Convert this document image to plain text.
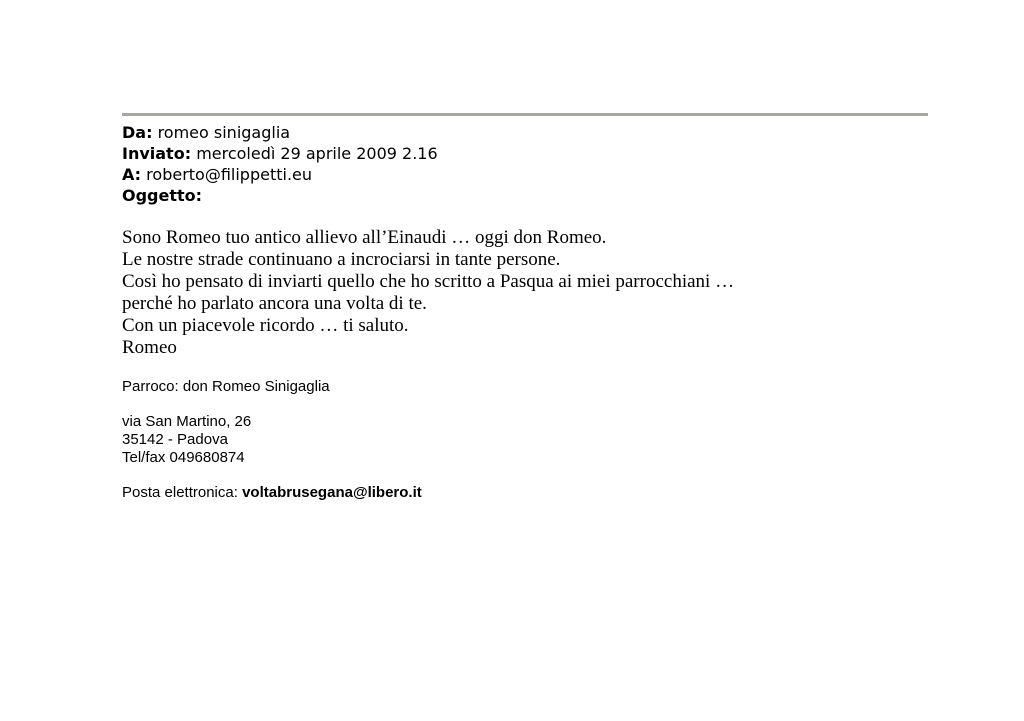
Da: romeo sinigaglia
Inviato: mercoledì 29 aprile 2009 2.16
A: roberto@filippetti.eu
Oggetto:
Sono Romeo tuo antico allievo all’Einaudi … oggi don Romeo.
Le nostre strade continuano a incrociarsi in tante persone.
Così ho pensato di inviarti quello che ho scritto a Pasqua ai miei parrocchiani …
perché ho parlato ancora una volta di te.
Con un piacevole ricordo … ti saluto.
Romeo
Parroco: don Romeo Sinigaglia
via San Martino, 26
35142 - Padova
Tel/fax 049680874
Posta elettronica: voltabrusegana@libero.it
